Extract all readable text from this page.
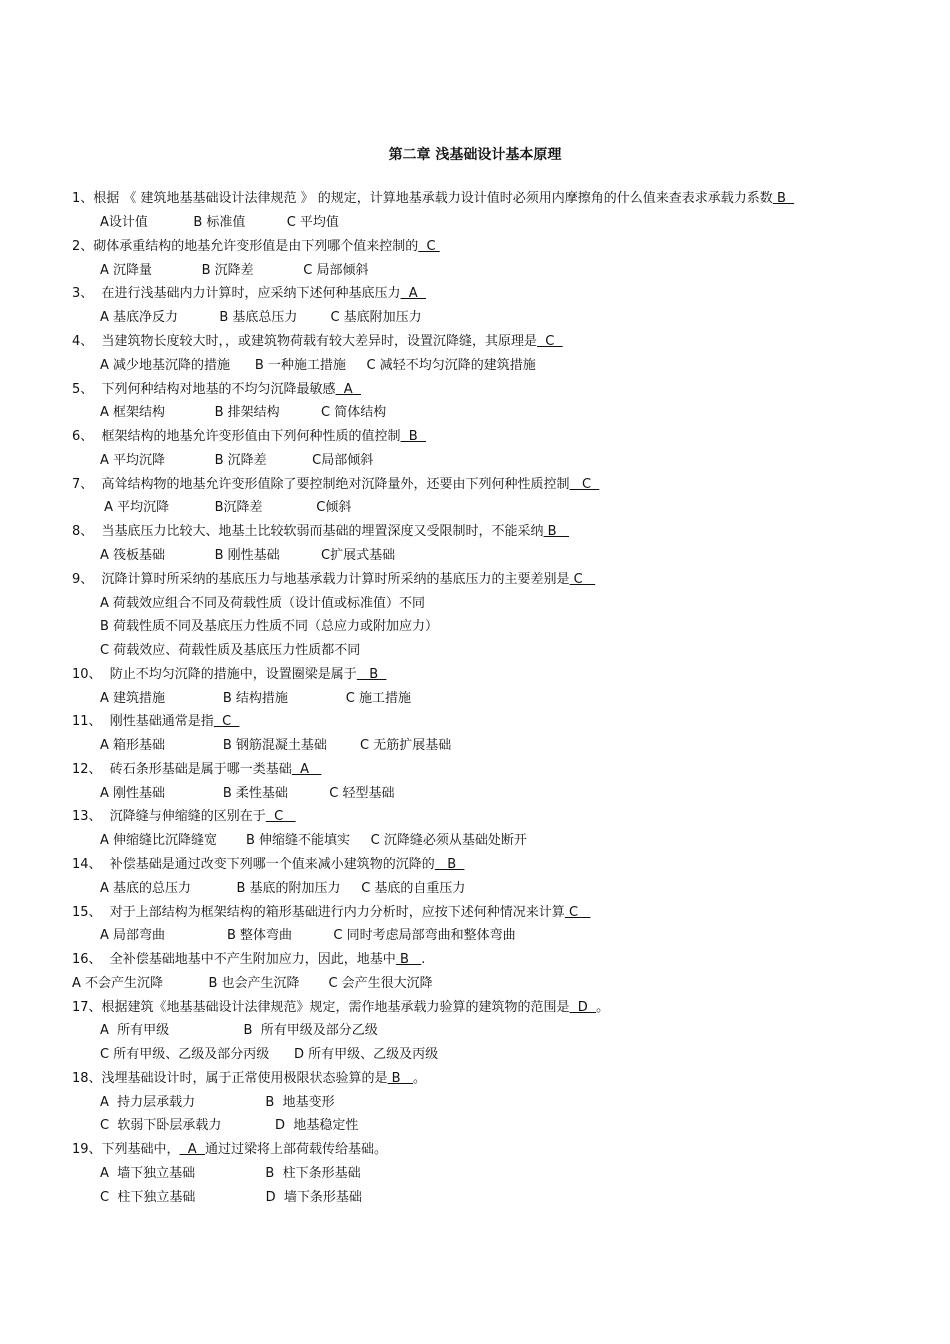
第二章 浅基础设计基本原理
1、根据 《 建筑地基基础设计法律规范 》 的规定，计算地基承载力设计值时必须用内摩擦角的什么值来查表求承载力系数 B
A设计值           B 标准值          C 平均值
2、砌体承重结构的地基允许变形值是由下列哪个值来控制的  C
A 沉降量            B 沉降差            C 局部倾斜
3、  在进行浅基础内力计算时，应采纳下述何种基底压力  A
A 基底净反力          B 基底总压力        C 基底附加压力
4、  当建筑物长度较大时，，或建筑物荷载有较大差异时，设置沉降缝，其原理是  C
A 减少地基沉降的措施      B 一种施工措施     C 减轻不均匀沉降的建筑措施
5、  下列何种结构对地基的不均匀沉降最敏感  A
A 框架结构            B 排架结构          C 简体结构
6、  框架结构的地基允许变形值由下列何种性质的值控制  B
A 平均沉降            B 沉降差           C局部倾斜
7、  高耸结构物的地基允许变形值除了要控制绝对沉降量外，还要由下列何种性质控制   C
A 平均沉降           B沉降差             C倾斜
8、  当基底压力比较大、地基土比较软弱而基础的埋置深度又受限制时，不能采纳 B
A 筏板基础            B 刚性基础          C扩展式基础
9、  沉降计算时所采纳的基底压力与地基承载力计算时所采纳的基底压力的主要差别是 C
A 荷载效应组合不同及荷载性质（设计值或标准值）不同
B 荷载性质不同及基底压力性质不同（总应力或附加应力）
C 荷载效应、荷载性质及基底压力性质都不同
10、  防止不均匀沉降的措施中，设置圈梁是属于   B
A 建筑措施              B 结构措施              C 施工措施
11、  刚性基础通常是指  C
A 箱形基础              B 钢筋混凝土基础        C 无筋扩展基础
12、  砖石条形基础是属于哪一类基础  A
A 刚性基础              B 柔性基础          C 轻型基础
13、  沉降缝与伸缩缝的区别在于  C
A 伸缩缝比沉降缝宽       B 伸缩缝不能填实     C 沉降缝必须从基础处断开
14、  补偿基础是通过改变下列哪一个值来减小建筑物的沉降的   B
A 基底的总压力           B 基底的附加压力     C 基底的自重压力
15、  对于上部结构为框架结构的箱形基础进行内力分析时，应按下述何种情况来计算 C
A 局部弯曲               B 整体弯曲          C 同时考虑局部弯曲和整体弯曲
16、  全补偿基础地基中不产生附加应力，因此，地基中 B   .
A 不会产生沉降           B 也会产生沉降       C 会产生很大沉降
17、根据建筑《地基基础设计法律规范》规定，需作地基承载力验算的建筑物的范围是  D  。
A  所有甲级                  B  所有甲级及部分乙级
C 所有甲级、乙级及部分丙级      D 所有甲级、乙级及丙级
18、浅埋基础设计时，属于正常使用极限状态验算的是 B   。
A  持力层承载力                 B  地基变形
C  软弱下卧层承载力             D  地基稳定性
19、下列基础中，  A  通过过梁将上部荷载传给基础。
A  墙下独立基础                 B  柱下条形基础
C  柱下独立基础                 D  墙下条形基础
